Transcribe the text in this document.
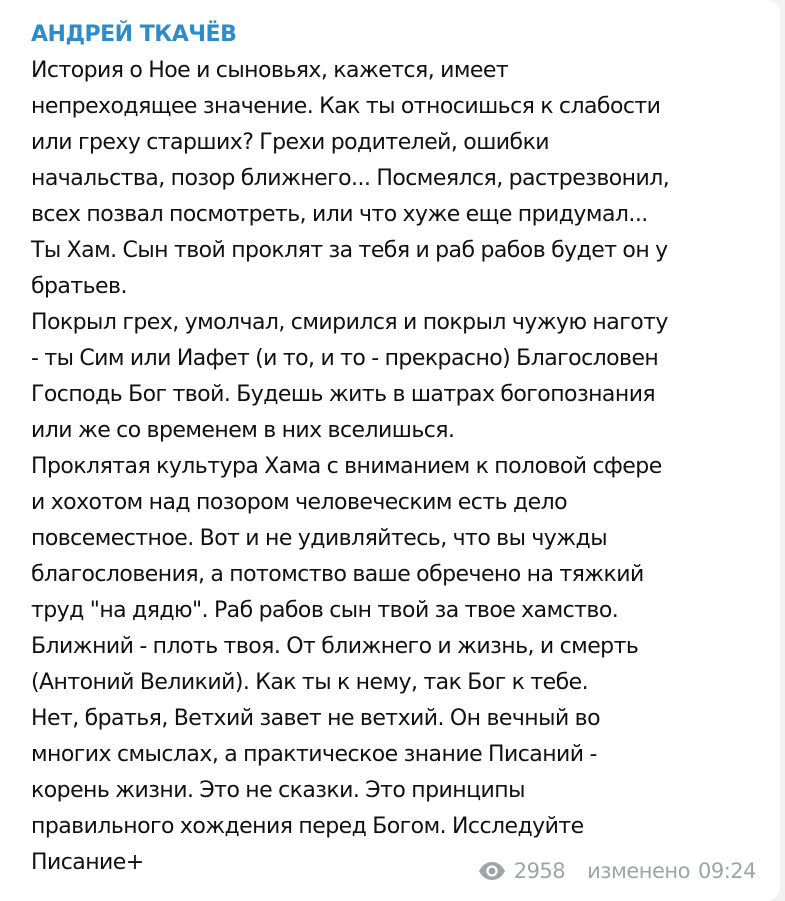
АНДРЕЙ ТКАЧЁВ
История о Ное и сыновьях, кажется, имеет
непреходящее значение. Как ты относишься к слабости
или греху старших? Грехи родителей, ошибки
начальства, позор ближнего... Посмеялся, растрезвонил,
всех позвал посмотреть, или что хуже еще придумал...
Ты Хам. Сын твой проклят за тебя и раб рабов будет он у
братьев.
Покрыл грех, умолчал, смирился и покрыл чужую наготу
- ты Сим или Иафет (и то, и то - прекрасно) Благословен
Господь Бог твой. Будешь жить в шатрах богопознания
или же со временем в них вселишься.
Проклятая культура Хама с вниманием к половой сфере
и хохотом над позором человеческим есть дело
повсеместное. Вот и не удивляйтесь, что вы чужды
благословения, а потомство ваше обречено на тяжкий
труд "на дядю". Раб рабов сын твой за твое хамство.
Ближний - плоть твоя. От ближнего и жизнь, и смерть
(Антоний Великий). Как ты к нему, так Бог к тебе.
Нет, братья, Ветхий завет не ветхий. Он вечный во
многих смыслах, а практическое знание Писаний -
корень жизни. Это не сказки. Это принципы
правильного хождения перед Богом. Исследуйте
Писание+	2958 изменено 09:24
